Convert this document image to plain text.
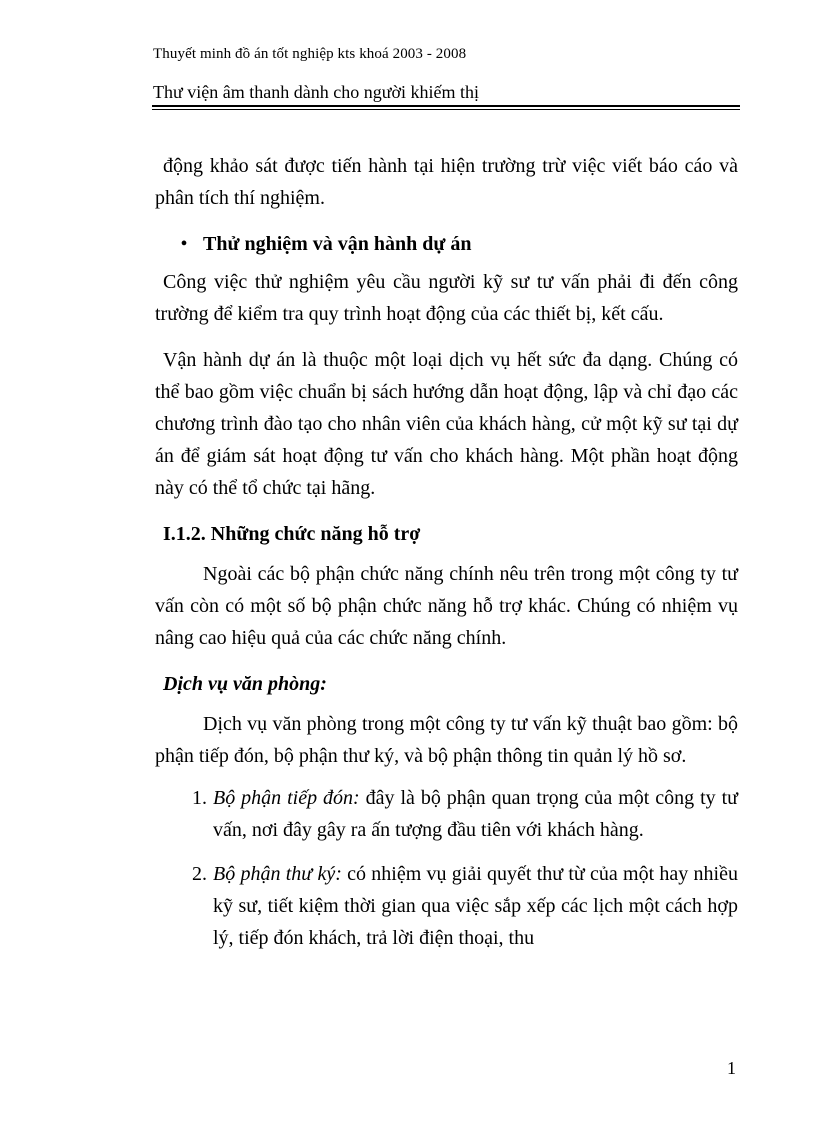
Thuyết minh đồ án tốt nghiệp kts khoá 2003 - 2008
Thư viện âm thanh dành cho người khiếm thị

động khảo sát được tiến hành tại hiện trường trừ việc viết báo cáo và phân tích thí nghiệm.

• Thử nghiệm và vận hành dự án

Công việc thử nghiệm yêu cầu người kỹ sư tư vấn phải đi đến công trường để kiểm tra quy trình hoạt động của các thiết bị, kết cấu.

Vận hành dự án là thuộc một loại dịch vụ hết sức đa dạng. Chúng có thể bao gồm việc chuẩn bị sách hướng dẫn hoạt động, lập và chỉ đạo các chương trình đào tạo cho nhân viên của khách hàng, cử một kỹ sư tại dự án để giám sát hoạt động tư vấn cho khách hàng. Một phần hoạt động này có thể tổ chức tại hãng.

I.1.2. Những chức năng hỗ trợ

Ngoài các bộ phận chức năng chính nêu trên trong một công ty tư vấn còn có một số bộ phận chức năng hỗ trợ khác. Chúng có nhiệm vụ nâng cao hiệu quả của các chức năng chính.

Dịch vụ văn phòng:

Dịch vụ văn phòng trong một công ty tư vấn kỹ thuật bao gồm: bộ phận tiếp đón, bộ phận thư ký, và bộ phận thông tin quản lý hồ sơ.

1. Bộ phận tiếp đón: đây là bộ phận quan trọng của một công ty tư vấn, nơi đây gây ra ấn tượng đầu tiên với khách hàng.
2. Bộ phận thư ký: có nhiệm vụ giải quyết thư từ của một hay nhiều kỹ sư, tiết kiệm thời gian qua việc sắp xếp các lịch một cách hợp lý, tiếp đón khách, trả lời điện thoại, thu
1
